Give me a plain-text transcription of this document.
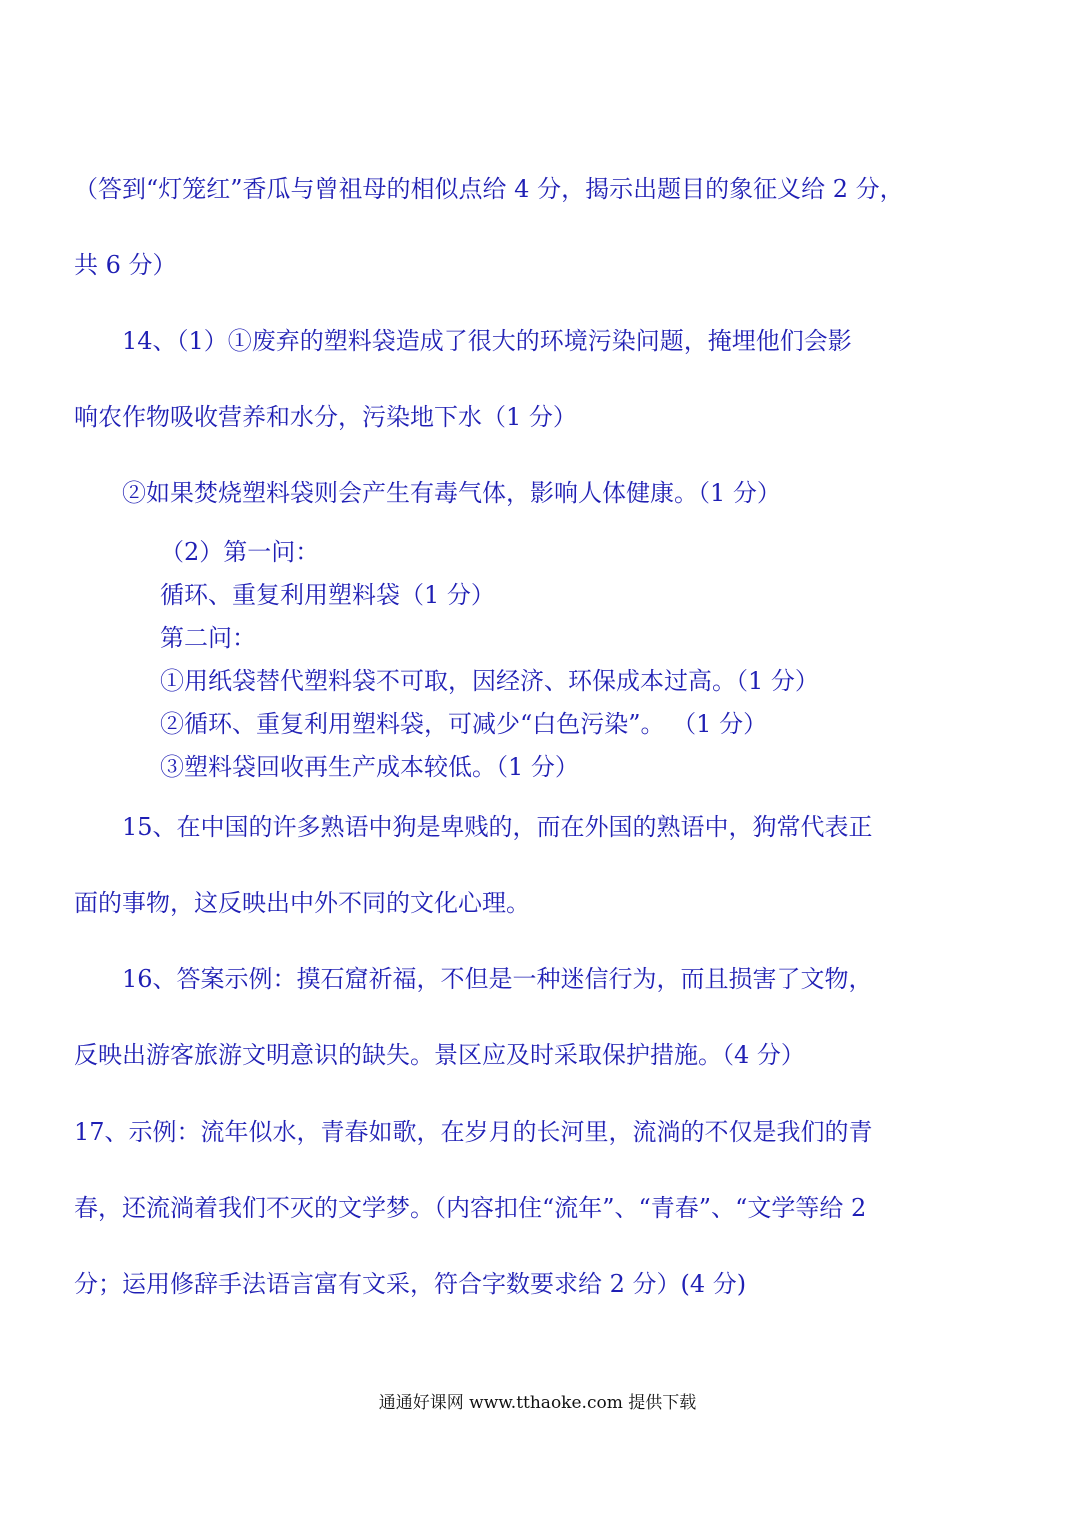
（答到“灯笼红”香瓜与曾祖母的相似点给 4 分，揭示出题目的象征义给 2 分，
共 6 分）
14、（1）①废弃的塑料袋造成了很大的环境污染问题，掩埋他们会影
响农作物吸收营养和水分，污染地下水（1 分）
②如果焚烧塑料袋则会产生有毒气体，影响人体健康。（1 分）
（2）第一问：
循环、重复利用塑料袋（1 分）
第二问：
①用纸袋替代塑料袋不可取，因经济、环保成本过高。（1 分）
②循环、重复利用塑料袋，可减少“白色污染”。 （1 分）
③塑料袋回收再生产成本较低。（1 分）
15、在中国的许多熟语中狗是卑贱的，而在外国的熟语中，狗常代表正
面的事物，这反映出中外不同的文化心理。
16、答案示例：摸石窟祈福，不但是一种迷信行为，而且损害了文物，
反映出游客旅游文明意识的缺失。景区应及时采取保护措施。（4 分）
17、示例：流年似水，青春如歌，在岁月的长河里，流淌的不仅是我们的青
春，还流淌着我们不灭的文学梦。（内容扣住“流年”、“青春”、“文学等给 2
分；运用修辞手法语言富有文采，符合字数要求给 2 分）(4 分)
通通好课网 www.tthaoke.com 提供下载
